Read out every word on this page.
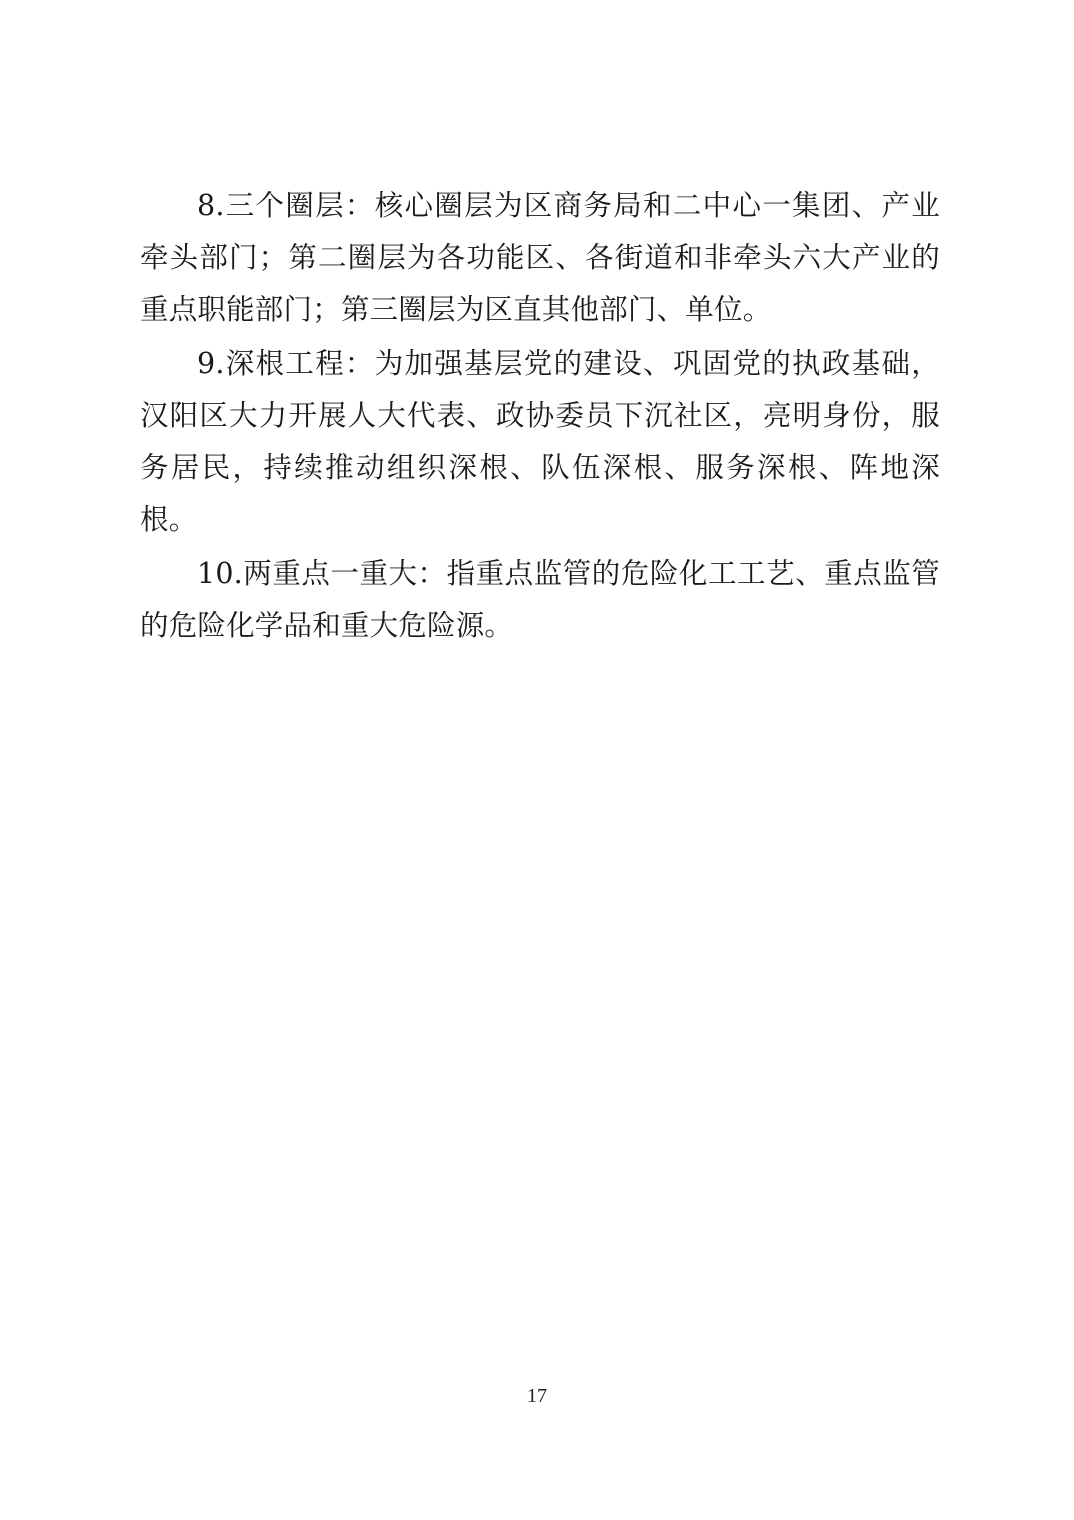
8.三个圈层：核心圈层为区商务局和二中心一集团、产业牵头部门；第二圈层为各功能区、各街道和非牵头六大产业的重点职能部门；第三圈层为区直其他部门、单位。

9.深根工程：为加强基层党的建设、巩固党的执政基础，汉阳区大力开展人大代表、政协委员下沉社区，亮明身份，服务居民，持续推动组织深根、队伍深根、服务深根、阵地深根。

10.两重点一重大：指重点监管的危险化工工艺、重点监管的危险化学品和重大危险源。

17
